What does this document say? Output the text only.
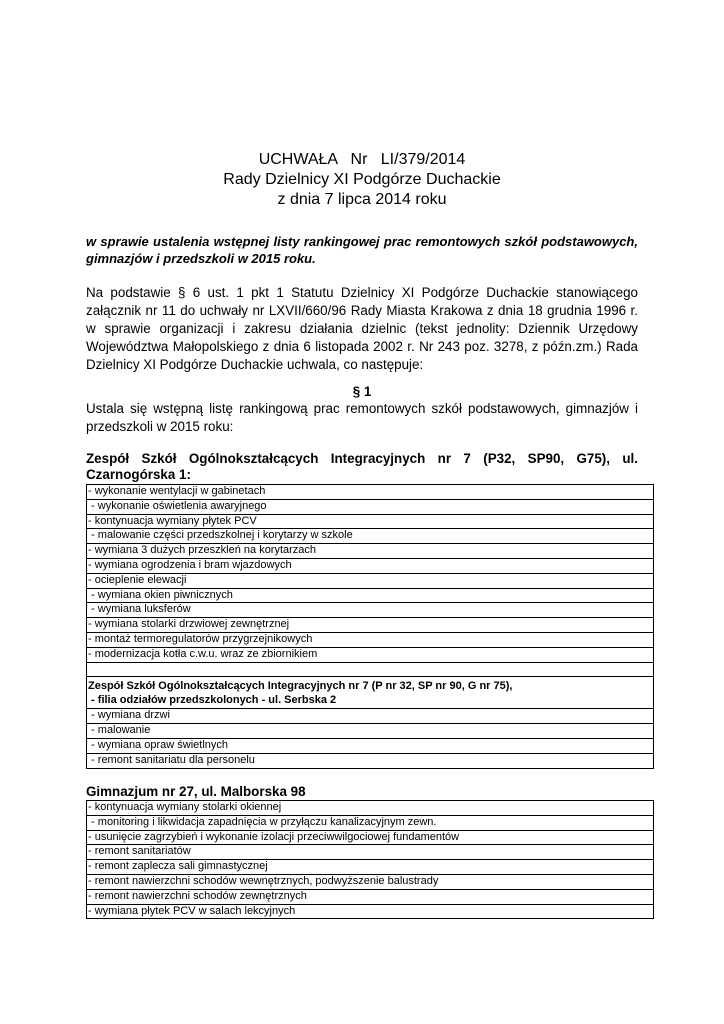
UCHWAŁA   Nr   LI/379/2014
Rady Dzielnicy XI Podgórze Duchackie
z dnia 7 lipca 2014 roku
w sprawie ustalenia wstępnej listy rankingowej prac remontowych szkół podstawowych, gimnazjów i przedszkoli w 2015 roku.
Na podstawie § 6 ust. 1 pkt 1 Statutu Dzielnicy XI Podgórze Duchackie stanowiącego załącznik nr 11 do uchwały nr LXVII/660/96 Rady Miasta Krakowa z dnia 18 grudnia 1996 r. w sprawie organizacji i zakresu działania dzielnic (tekst jednolity: Dziennik Urzędowy Województwa Małopolskiego z dnia 6 listopada 2002 r. Nr 243 poz. 3278, z późn.zm.) Rada Dzielnicy XI Podgórze Duchackie uchwala, co następuje:
§ 1
Ustala się wstępną listę rankingową prac remontowych szkół podstawowych, gimnazjów i przedszkoli w 2015 roku:
Zespół Szkół Ogólnokształcących Integracyjnych nr 7 (P32, SP90, G75), ul. Czarnogórska 1:
- wykonanie wentylacji w gabinetach
- wykonanie oświetlenia awaryjnego
- kontynuacja wymiany płytek PCV
- malowanie części przedszkolnej i korytarzy w szkole
- wymiana 3 dużych przeszkleń na korytarzach
- wymiana ogrodzenia i bram wjazdowych
- ocieplenie elewacji
- wymiana okien piwnicznych
- wymiana luksferów
- wymiana stolarki drzwiowej zewnętrznej
- montaż termoregulatorów przygrzejnikowych
- modernizacja kotła c.w.u. wraz ze zbiornikiem

Zespół Szkół Ogólnokształcących Integracyjnych nr 7 (P nr 32, SP nr 90, G nr 75),
- filia odziałów przedszkolonych - ul. Serbska 2

- wymiana drzwi
- malowanie
- wymiana opraw świetlnych
- remont sanitariatu dla personelu
Gimnazjum nr 27, ul. Malborska 98
- kontynuacja wymiany stolarki okiennej
- monitoring i likwidacja zapadnięcia w przyłączu kanalizacyjnym zewn.
- usunięcie zagrzybień i wykonanie izolacji przeciwwilgociowej fundamentów
- remont sanitariatów
- remont zaplecza sali gimnastycznej
- remont nawierzchni schodów wewnętrznych, podwyższenie balustrady
- remont nawierzchni schodów zewnętrznych
- wymiana płytek PCV w salach lekcyjnych
